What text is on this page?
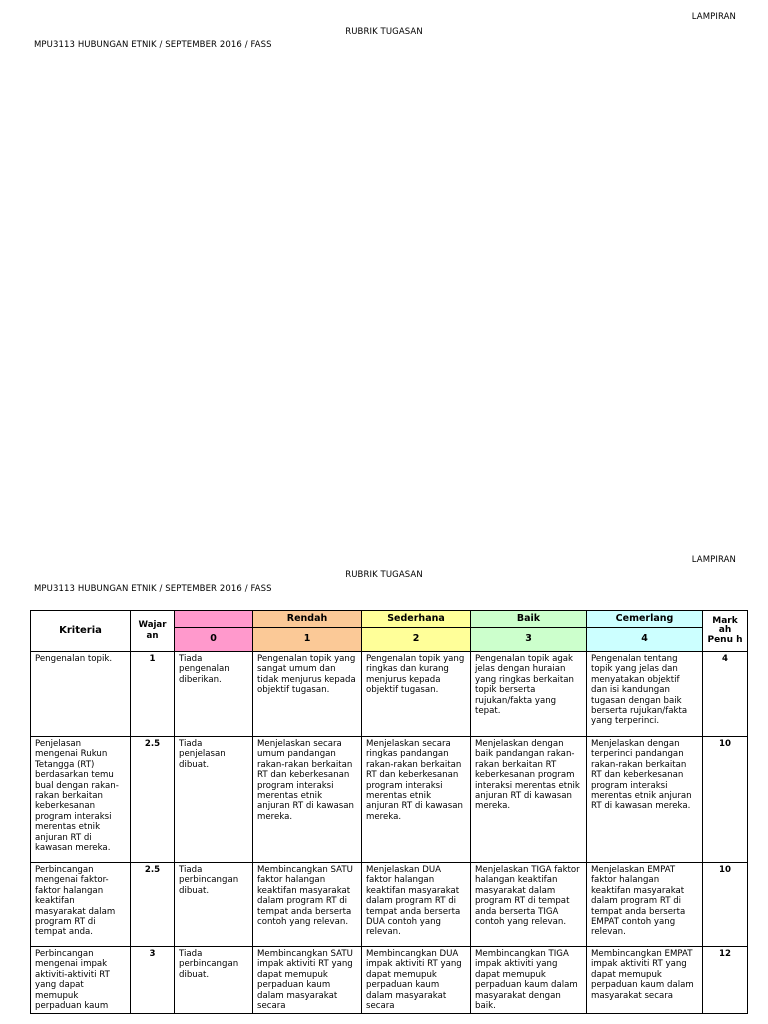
LAMPIRAN
RUBRIK TUGASAN
MPU3113 HUBUNGAN ETNIK / SEPTEMBER 2016 / FASS
LAMPIRAN
RUBRIK TUGASAN
MPU3113 HUBUNGAN ETNIK / SEPTEMBER 2016 / FASS
Kriteria	Wajar an		Rendah	Sederhana	Baik	Cemerlang	Mark ah Penu h
		0	1	2	3	4	
Pengenalan topik.	1	Tiada pengenalan diberikan.	Pengenalan topik yang sangat umum dan tidak menjurus kepada objektif tugasan.	Pengenalan topik yang ringkas dan kurang menjurus kepada objektif tugasan.	Pengenalan topik agak jelas dengan huraian yang ringkas berkaitan topik berserta rujukan/fakta yang tepat.	Pengenalan tentang topik yang jelas dan menyatakan objektif dan isi kandungan tugasan dengan baik berserta rujukan/fakta yang terperinci.	4
Penjelasan mengenai Rukun Tetangga (RT) berdasarkan temu bual dengan rakan-rakan berkaitan keberkesanan program interaksi merentas etnik anjuran RT di kawasan mereka.	2.5	Tiada penjelasan dibuat.	Menjelaskan secara umum pandangan rakan-rakan berkaitan RT dan keberkesanan program interaksi merentas etnik anjuran RT di kawasan mereka.	Menjelaskan secara ringkas pandangan rakan-rakan berkaitan RT dan keberkesanan program interaksi merentas etnik anjuran RT di kawasan mereka.	Menjelaskan dengan baik pandangan rakan-rakan berkaitan RT keberkesanan program interaksi merentas etnik anjuran RT di kawasan mereka.	Menjelaskan dengan terperinci pandangan rakan-rakan berkaitan RT dan keberkesanan program interaksi merentas etnik anjuran RT di kawasan mereka.	10
Perbincangan mengenai faktor-faktor halangan keaktifan masyarakat dalam program RT di tempat anda.	2.5	Tiada perbincangan dibuat.	Membincangkan SATU faktor halangan keaktifan masyarakat dalam program RT di tempat anda berserta contoh yang relevan.	Menjelaskan DUA faktor halangan keaktifan masyarakat dalam program RT di tempat anda berserta DUA contoh yang relevan.	Menjelaskan TIGA faktor halangan keaktifan masyarakat dalam program RT di tempat anda berserta TIGA contoh yang relevan.	Menjelaskan EMPAT faktor halangan keaktifan masyarakat dalam program RT di tempat anda berserta EMPAT contoh yang relevan.	10
Perbincangan mengenai impak aktiviti-aktiviti RT yang dapat memupuk perpaduan kaum	3	Tiada perbincangan dibuat.	Membincangkan SATU impak aktiviti RT yang dapat memupuk perpaduan kaum dalam masyarakat secara	Membincangkan DUA impak aktiviti RT yang dapat memupuk perpaduan kaum dalam masyarakat secara	Membincangkan TIGA impak aktiviti yang dapat memupuk perpaduan kaum dalam masyarakat dengan baik.	Membincangkan EMPAT impak aktiviti RT yang dapat memupuk perpaduan kaum dalam masyarakat secara	12
